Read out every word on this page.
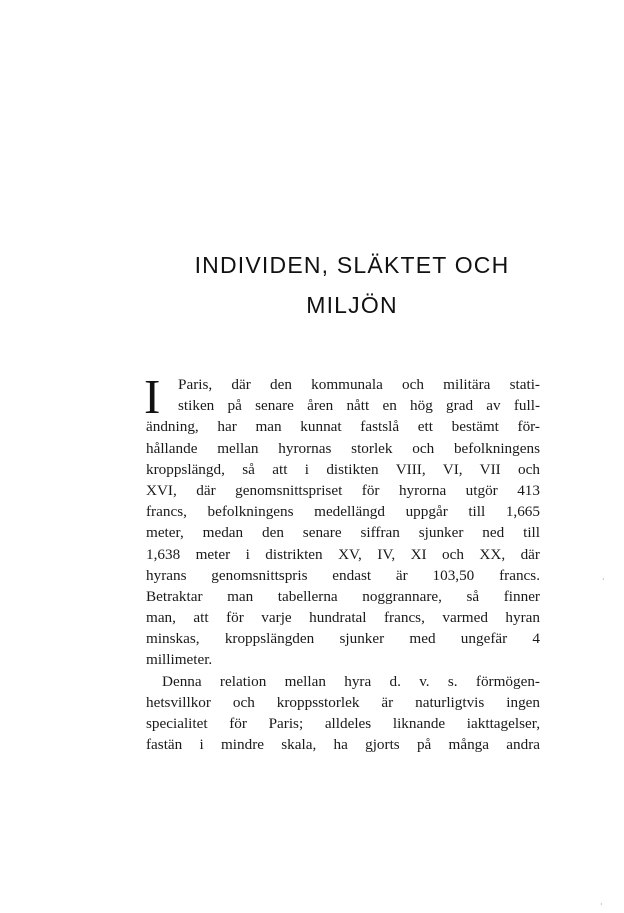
INDIVIDEN, SLÄKTET OCH
MILJÖN
I	Paris, där den kommunala och militära stati-
stiken på senare åren nått en hög grad av full-
ändning, har man kunnat fastslå ett bestämt för-
hållande mellan hyrornas storlek och befolkningens
kroppslängd, så att i distikten VIII, VI, VII och
XVI, där genomsnittspriset för hyrorna utgör 413
francs, befolkningens medellängd uppgår till 1,665
meter, medan den senare siffran sjunker ned till
1,638 meter i distrikten XV, IV, XI och XX, där
hyrans genomsnittspris endast är 103,50 francs.
Betraktar man tabellerna noggrannare, så finner
man, att för varje hundratal francs, varmed hyran
minskas, kroppslängden sjunker med ungefär 4
millimeter.

Denna relation mellan hyra d. v. s. förmögen-
hetsvillkor och kroppsstorlek är naturligtvis ingen
specialitet för Paris; alldeles liknande iakttagelser,
fastän i mindre skala, ha gjorts på många andra

·
·
